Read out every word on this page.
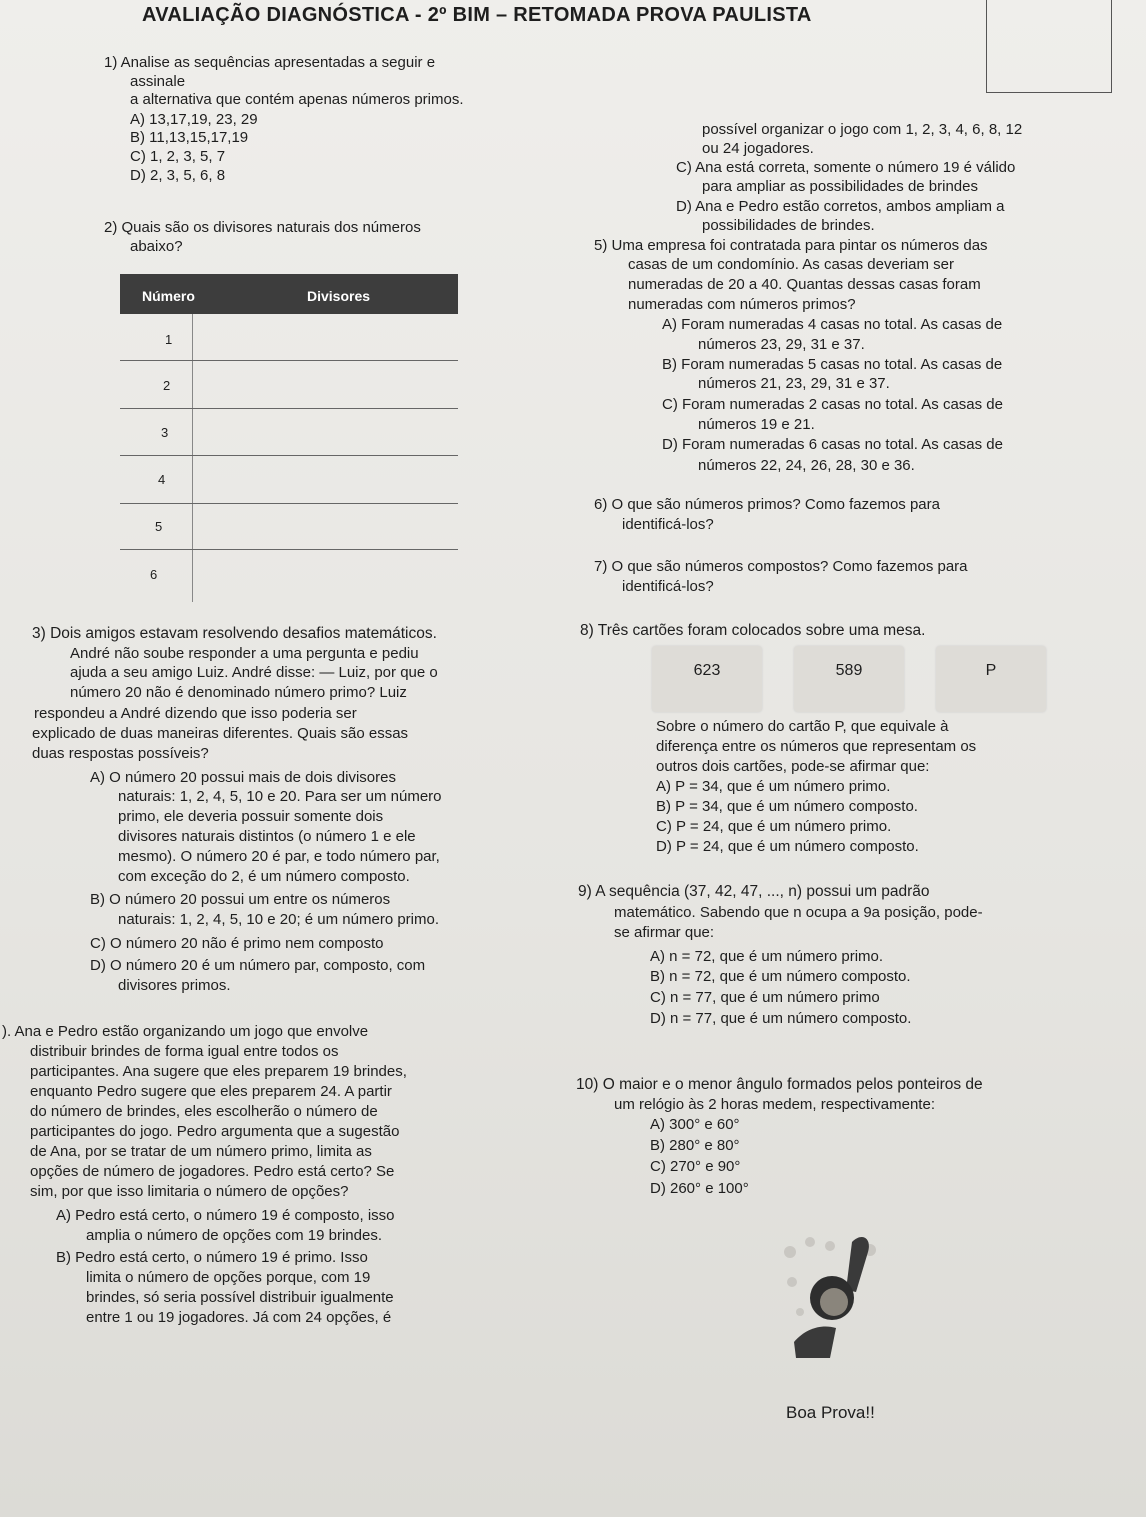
AVALIAÇÃO DIAGNÓSTICA - 2º BIM – RETOMADA PROVA PAULISTA
1) Analise as sequências apresentadas a seguir e
assinale
a alternativa que contém apenas números primos.
A) 13,17,19, 23, 29
B) 11,13,15,17,19
C) 1, 2, 3, 5, 7
D) 2, 3, 5, 6, 8
2) Quais são os divisores naturais dos números
abaixo?
Número	Divisores
1
2
3
4
5
6
3) Dois amigos estavam resolvendo desafios matemáticos.
André não soube responder a uma pergunta e pediu
ajuda a seu amigo Luiz. André disse: — Luiz, por que o
número 20 não é denominado número primo? Luiz
respondeu a André dizendo que isso poderia ser
explicado de duas maneiras diferentes. Quais são essas
duas respostas possíveis?
A) O número 20 possui mais de dois divisores
naturais: 1, 2, 4, 5, 10 e 20. Para ser um número
primo, ele deveria possuir somente dois
divisores naturais distintos (o número 1 e ele
mesmo). O número 20 é par, e todo número par,
com exceção do 2, é um número composto.
B) O número 20 possui um entre os números
naturais: 1, 2, 4, 5, 10 e 20; é um número primo.
C) O número 20 não é primo nem composto
D) O número 20 é um número par, composto, com
divisores primos.
). Ana e Pedro estão organizando um jogo que envolve
distribuir brindes de forma igual entre todos os
participantes. Ana sugere que eles preparem 19 brindes,
enquanto Pedro sugere que eles preparem 24. A partir
do número de brindes, eles escolherão o número de
participantes do jogo. Pedro argumenta que a sugestão
de Ana, por se tratar de um número primo, limita as
opções de número de jogadores. Pedro está certo? Se
sim, por que isso limitaria o número de opções?
A) Pedro está certo, o número 19 é composto, isso
amplia o número de opções com 19 brindes.
B) Pedro está certo, o número 19 é primo. Isso
limita o número de opções porque, com 19
brindes, só seria possível distribuir igualmente
entre 1 ou 19 jogadores. Já com 24 opções, é
possível organizar o jogo com 1, 2, 3, 4, 6, 8, 12
ou 24 jogadores.
C) Ana está correta, somente o número 19 é válido
para ampliar as possibilidades de brindes
D) Ana e Pedro estão corretos, ambos ampliam a
possibilidades de brindes.
5) Uma empresa foi contratada para pintar os números das
casas de um condomínio. As casas deveriam ser
numeradas de 20 a 40. Quantas dessas casas foram
numeradas com números primos?
A) Foram numeradas 4 casas no total. As casas de
números 23, 29, 31 e 37.
B) Foram numeradas 5 casas no total. As casas de
números 21, 23, 29, 31 e 37.
C) Foram numeradas 2 casas no total. As casas de
números 19 e 21.
D) Foram numeradas 6 casas no total. As casas de
números 22, 24, 26, 28, 30 e 36.
6) O que são números primos? Como fazemos para
identificá-los?
7) O que são números compostos? Como fazemos para
identificá-los?
8) Três cartões foram colocados sobre uma mesa.
623	589	P
Sobre o número do cartão P, que equivale à
diferença entre os números que representam os
outros dois cartões, pode-se afirmar que:
A) P = 34, que é um número primo.
B) P = 34, que é um número composto.
C) P = 24, que é um número primo.
D) P = 24, que é um número composto.
9) A sequência (37, 42, 47, ..., n) possui um padrão
matemático. Sabendo que n ocupa a 9a posição, pode-
se afirmar que:
A) n = 72, que é um número primo.
B) n = 72, que é um número composto.
C) n = 77, que é um número primo
D) n = 77, que é um número composto.
10) O maior e o menor ângulo formados pelos ponteiros de
um relógio às 2 horas medem, respectivamente:
A) 300° e 60°
B) 280° e 80°
C) 270° e 90°
D) 260° e 100°
Boa Prova!!
